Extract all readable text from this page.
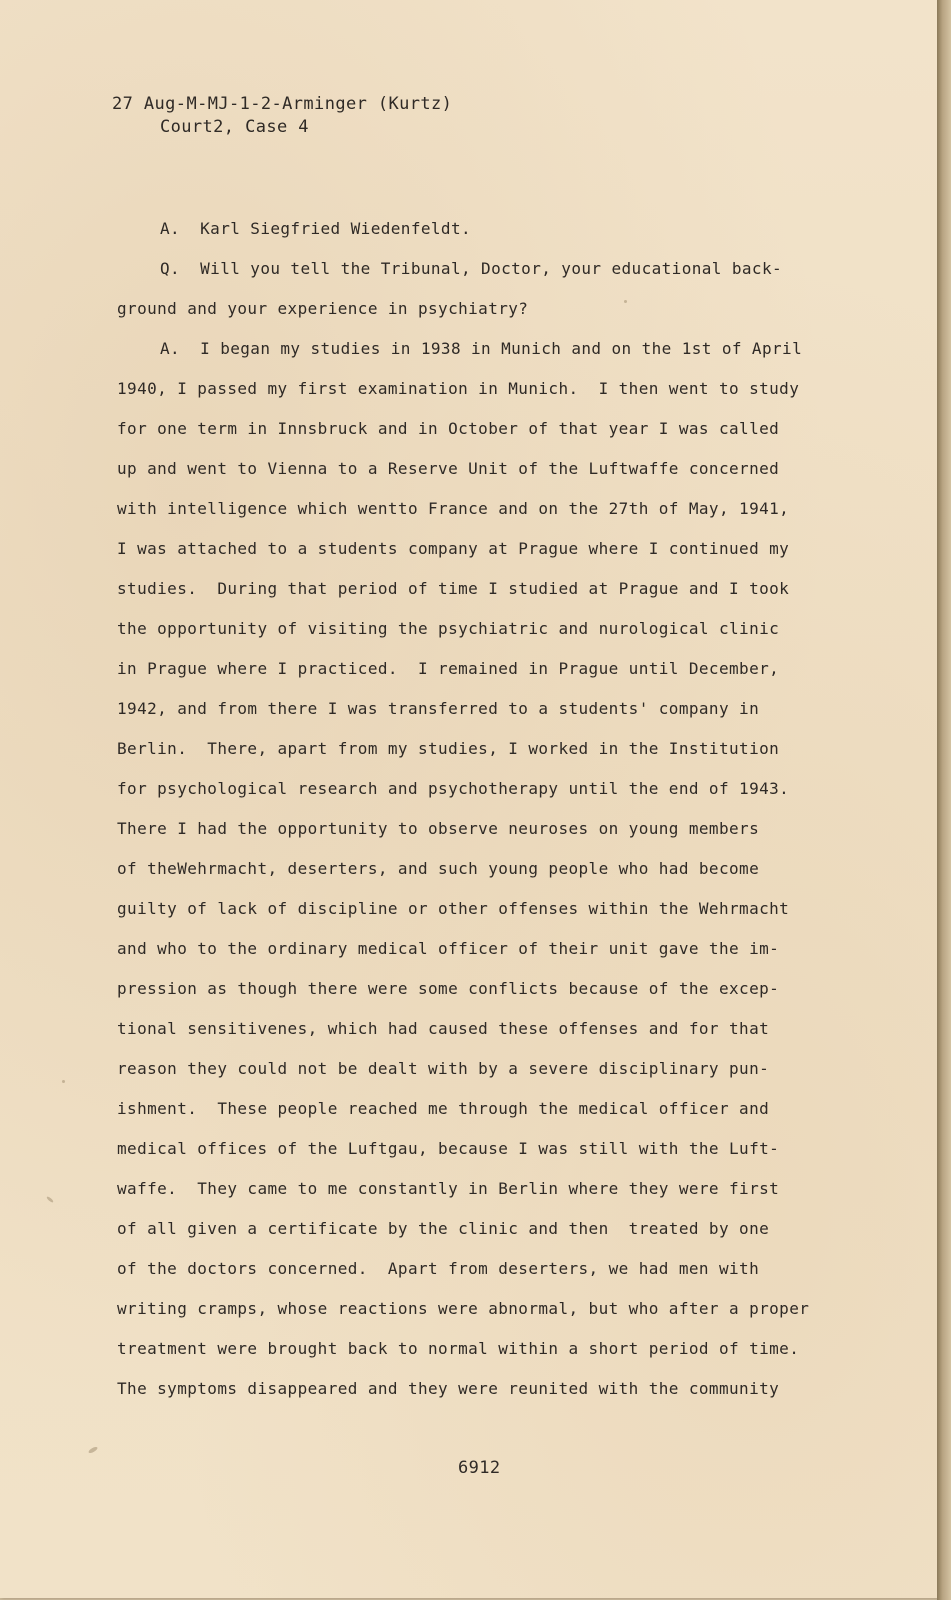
27 Aug-M-MJ-1-2-Arminger (Kurtz)
Court2, Case 4
A.  Karl Siegfried Wiedenfeldt.
Q.  Will you tell the Tribunal, Doctor, your educational back-
ground and your experience in psychiatry?
A.  I began my studies in 1938 in Munich and on the 1st of April
1940, I passed my first examination in Munich.  I then went to study
for one term in Innsbruck and in October of that year I was called
up and went to Vienna to a Reserve Unit of the Luftwaffe concerned
with intelligence which wentto France and on the 27th of May, 1941,
I was attached to a students company at Prague where I continued my
studies.  During that period of time I studied at Prague and I took
the opportunity of visiting the psychiatric and nurological clinic
in Prague where I practiced.  I remained in Prague until December,
1942, and from there I was transferred to a students' company in
Berlin.  There, apart from my studies, I worked in the Institution
for psychological research and psychotherapy until the end of 1943.
There I had the opportunity to observe neuroses on young members
of theWehrmacht, deserters, and such young people who had become
guilty of lack of discipline or other offenses within the Wehrmacht
and who to the ordinary medical officer of their unit gave the im-
pression as though there were some conflicts because of the excep-
tional sensitivenes, which had caused these offenses and for that
reason they could not be dealt with by a severe disciplinary pun-
ishment.  These people reached me through the medical officer and
medical offices of the Luftgau, because I was still with the Luft-
waffe.  They came to me constantly in Berlin where they were first
of all given a certificate by the clinic and then  treated by one
of the doctors concerned.  Apart from deserters, we had men with
writing cramps, whose reactions were abnormal, but who after a proper
treatment were brought back to normal within a short period of time.
The symptoms disappeared and they were reunited with the community
6912
